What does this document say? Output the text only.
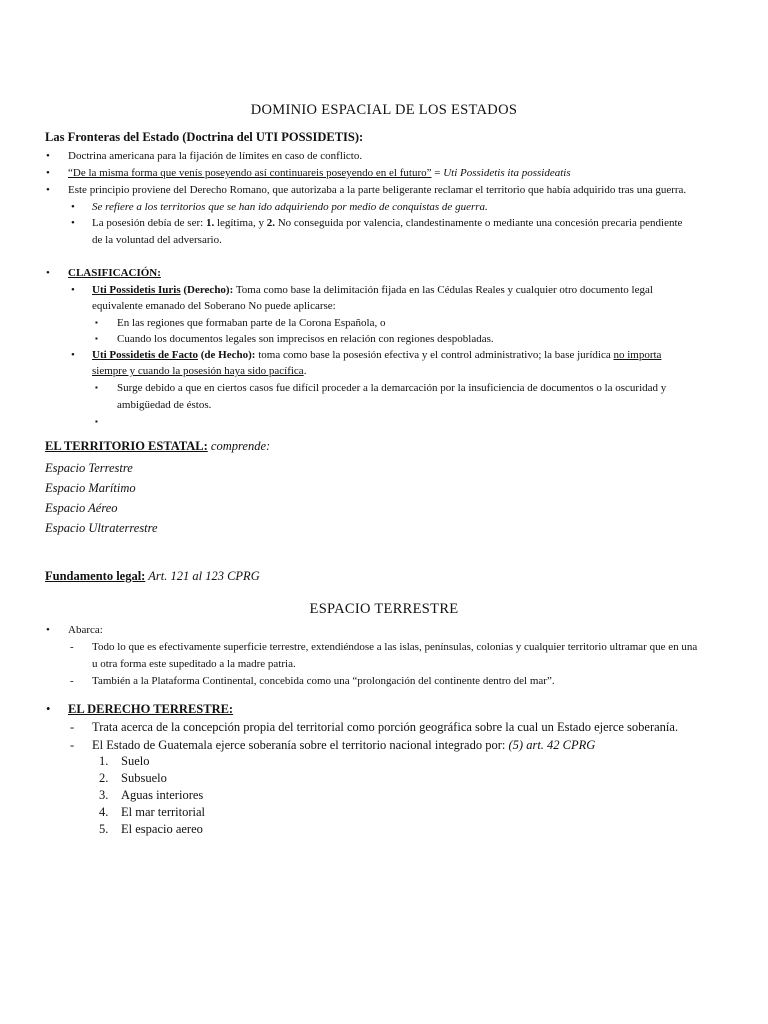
DOMINIO ESPACIAL DE LOS ESTADOS
Las Fronteras del Estado (Doctrina del UTI POSSIDETIS):
• Doctrina americana para la fijación de límites en caso de conflicto.
• “De la misma forma que venís poseyendo así continuareis poseyendo en el futuro” = Uti Possidetis ita possideatis
• Este principio proviene del Derecho Romano, que autorizaba a la parte beligerante reclamar el territorio que había adquirido tras una guerra.
• Se refiere a los territorios que se han ido adquiriendo por medio de conquistas de guerra.
• La posesión debía de ser: 1. legítima, y 2. No conseguida por valencia, clandestinamente o mediante una concesión precaria pendiente
de la voluntad del adversario.
• CLASIFICACIÓN:
• Uti Possidetis Iuris (Derecho): Toma como base la delimitación fijada en las Cédulas Reales y cualquier otro documento legal
equivalente emanado del Soberano No puede aplicarse:
▪ En las regiones que formaban parte de la Corona Española, o
▪ Cuando los documentos legales son imprecisos en relación con regiones despobladas.
• Uti Possidetis de Facto (de Hecho): toma como base la posesión efectiva y el control administrativo; la base jurídica no importa
siempre y cuando la posesión haya sido pacífica.
▪ Surge debido a que en ciertos casos fue difícil proceder a la demarcación por la insuficiencia de documentos o la oscuridad y
ambigüedad de éstos.
▪
EL TERRITORIO ESTATAL: comprende:
Espacio Terrestre
Espacio Marítimo
Espacio Aéreo
Espacio Ultraterrestre
Fundamento legal: Art. 121 al 123 CPRG
ESPACIO TERRESTRE
• Abarca:
- Todo lo que es efectivamente superficie terrestre, extendiéndose a las islas, penínsulas, colonias y cualquier territorio ultramar que en una
u otra forma este supeditado a la madre patria.
- También a la Plataforma Continental, concebida como una “prolongación del continente dentro del mar”.
• EL DERECHO TERRESTRE:
- Trata acerca de la concepción propia del territorial como porción geográfica sobre la cual un Estado ejerce soberanía.
- El Estado de Guatemala ejerce soberanía sobre el territorio nacional integrado por: (5) art. 42 CPRG
1. Suelo
2. Subsuelo
3. Aguas interiores
4. El mar territorial
5. El espacio aereo
